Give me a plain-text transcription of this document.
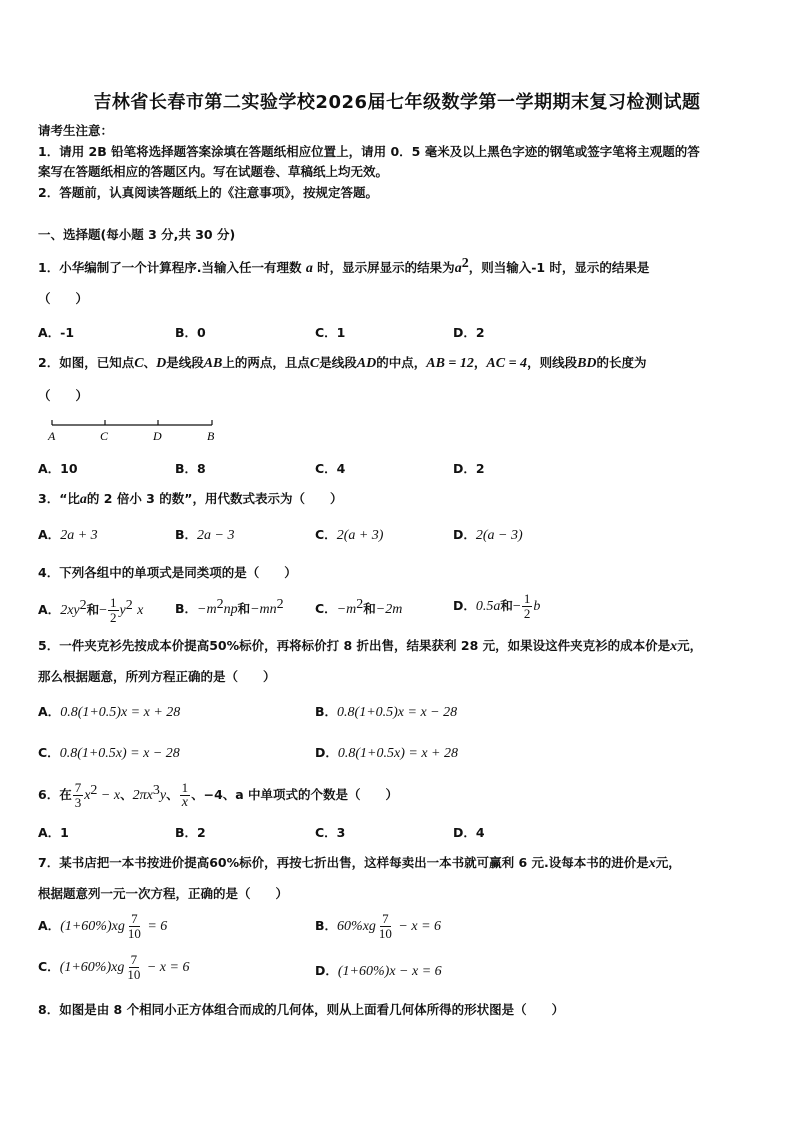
吉林省长春市第二实验学校2026届七年级数学第一学期期末复习检测试题
请考生注意：
1．请用 2B 铅笔将选择题答案涂填在答题纸相应位置上，请用 0．5 毫米及以上黑色字迹的钢笔或签字笔将主观题的答
案写在答题纸相应的答题区内。写在试题卷、草稿纸上均无效。
2．答题前，认真阅读答题纸上的《注意事项》，按规定答题。
一、选择题(每小题 3 分,共 30 分)
1．小华编制了一个计算程序.当输入任一有理数 a 时，显示屏显示的结果为$a^2$，则当输入-1 时，显示的结果是
（　　）
A．-1	B．0	C．1	D．2
2．如图，已知点C、D是线段AB上的两点，且点C是线段AD的中点，AB = 12，AC = 4，则线段BD的长度为
（　　）
A	C	D	B
A．10	B．8	C．4	D．2
3．“比a的 2 倍小 3 的数”，用代数式表示为（　　）
A．2a + 3	B．2a − 3	C．2(a + 3)	D．2(a − 3)
4．下列各组中的单项式是同类项的是（　　）
A．$2xy^2$和− $\frac{1}{2} y^2$ x	B．$-m^2np$和$-mn^2$	C．$-m^2$和−2m	D．0.5a和− $\frac{1}{2}$ b
5．一件夹克衫先按成本价提高50%标价，再将标价打 8 折出售，结果获利 28 元，如果设这件夹克衫的成本价是x元，
那么根据题意，所列方程正确的是（　　）
A．0.8(1+0.5)x = x + 28	B．0.8(1+0.5)x = x − 28
C．0.8(1+0.5x) = x − 28	D．0.8(1+0.5x) = x + 28
6．在 $\frac{7}{3} x^2 - x$、$2\pi x^3y$、 $\frac{1}{x}$ 、−4、a 中单项式的个数是（　　）
A．1	B．2	C．3	D．4
7．某书店把一本书按进价提高60%标价，再按七折出售，这样每卖出一本书就可赢利 6 元.设每本书的进价是x元，
根据题意列一元一次方程，正确的是（　　）
A．$(1+60\%)xg \frac{7}{10} = 6$	B．$60\%xg \frac{7}{10} - x = 6$
C．$(1+60\%)xg \frac{7}{10} - x = 6$	D．(1+60%)x − x = 6
8．如图是由 8 个相同小正方体组合而成的几何体，则从上面看几何体所得的形状图是（　　）
